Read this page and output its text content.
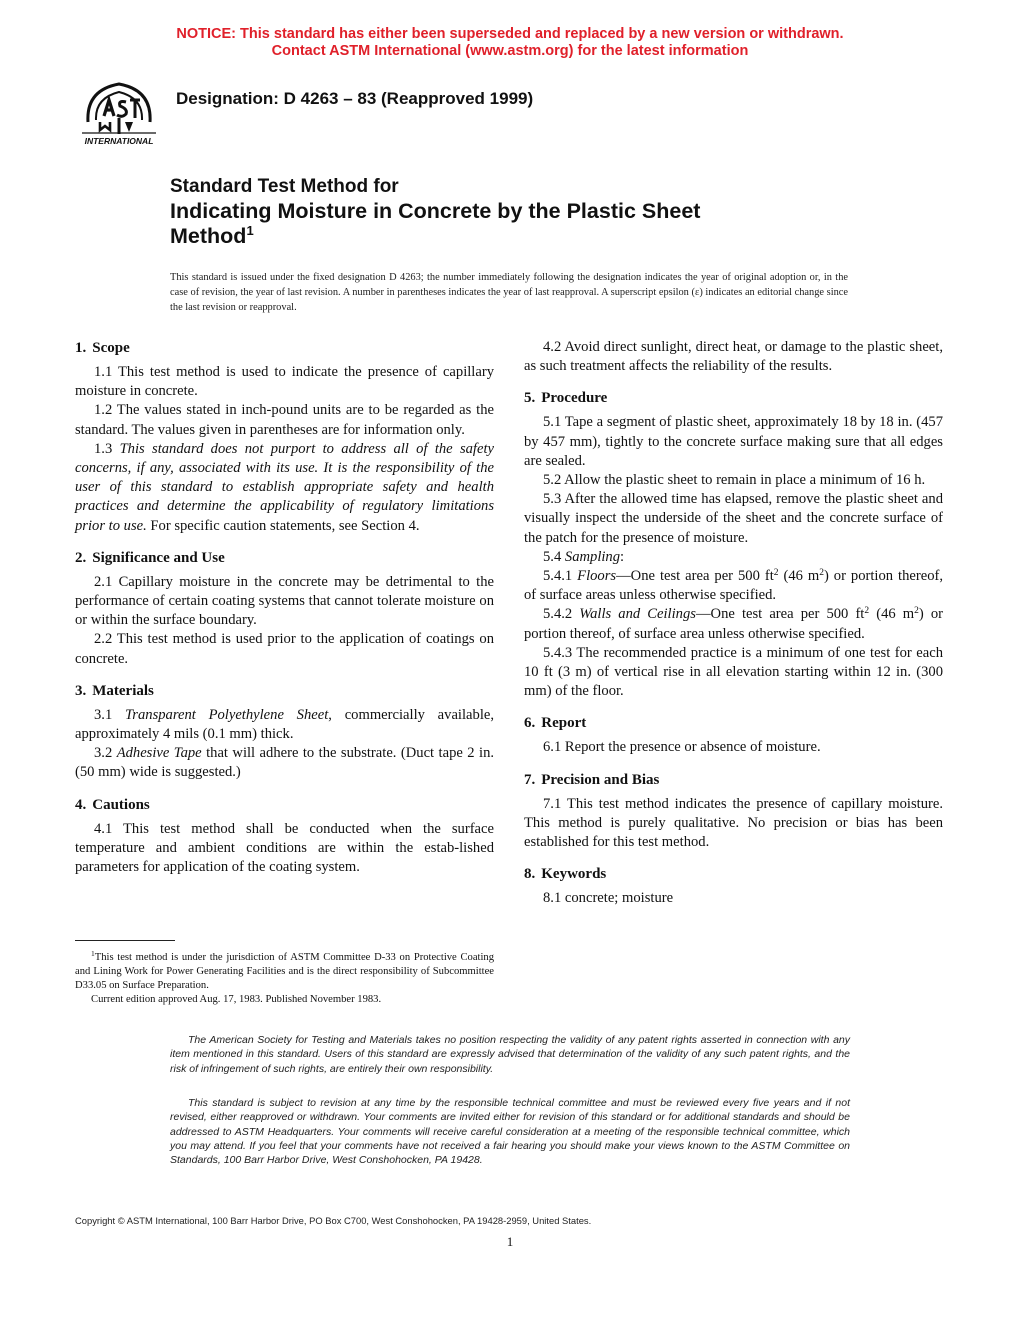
NOTICE: This standard has either been superseded and replaced by a new version or withdrawn.
Contact ASTM International (www.astm.org) for the latest information
INTERNATIONAL
Designation: D 4263 – 83 (Reapproved 1999)
Standard Test Method for
Indicating Moisture in Concrete by the Plastic Sheet
Method$^1$
This standard is issued under the fixed designation D 4263; the number immediately following the designation indicates the year of original adoption or, in the case of revision, the year of last revision. A number in parentheses indicates the year of last reapproval. A superscript epsilon (ε) indicates an editorial change since the last revision or reapproval.
1. Scope

1.1 This test method is used to indicate the presence of capillary moisture in concrete.

1.2 The values stated in inch-pound units are to be regarded as the standard. The values given in parentheses are for information only.

1.3 This standard does not purport to address all of the safety concerns, if any, associated with its use. It is the responsibility of the user of this standard to establish appropriate safety and health practices and determine the applicability of regulatory limitations prior to use. For specific caution statements, see Section 4.

2. Significance and Use

2.1 Capillary moisture in the concrete may be detrimental to the performance of certain coating systems that cannot tolerate moisture on or within the surface boundary.

2.2 This test method is used prior to the application of coatings on concrete.

3. Materials

3.1 Transparent Polyethylene Sheet, commercially available, approximately 4 mils (0.1 mm) thick.

3.2 Adhesive Tape that will adhere to the substrate. (Duct tape 2 in. (50 mm) wide is suggested.)

4. Cautions

4.1 This test method shall be conducted when the surface temperature and ambient conditions are within the estab-lished parameters for application of the coating system.

4.2 Avoid direct sunlight, direct heat, or damage to the plastic sheet, as such treatment affects the reliability of the results.

5. Procedure

5.1 Tape a segment of plastic sheet, approximately 18 by 18 in. (457 by 457 mm), tightly to the concrete surface making sure that all edges are sealed.

5.2 Allow the plastic sheet to remain in place a minimum of 16 h.

5.3 After the allowed time has elapsed, remove the plastic sheet and visually inspect the underside of the sheet and the concrete surface of the patch for the presence of moisture.

5.4 Sampling:

5.4.1 Floors—One test area per 500 $ft^2$ (46 $m^2$) or portion thereof, of surface areas unless otherwise specified.

5.4.2 Walls and Ceilings—One test area per 500 $ft^2$ (46 $m^2$) or portion thereof, of surface area unless otherwise specified.

5.4.3 The recommended practice is a minimum of one test for each 10 ft (3 m) of vertical rise in all elevation starting within 12 in. (300 mm) of the floor.

6. Report

6.1 Report the presence or absence of moisture.

7. Precision and Bias

7.1 This test method indicates the presence of capillary moisture. This method is purely qualitative. No precision or bias has been established for this test method.

8. Keywords

8.1 concrete; moisture

$^1$This test method is under the jurisdiction of ASTM Committee D-33 on Protective Coating and Lining Work for Power Generating Facilities and is the direct responsibility of Subcommittee D33.05 on Surface Preparation.

Current edition approved Aug. 17, 1983. Published November 1983.

The American Society for Testing and Materials takes no position respecting the validity of any patent rights asserted in connection with any item mentioned in this standard. Users of this standard are expressly advised that determination of the validity of any such patent rights, and the risk of infringement of such rights, are entirely their own responsibility.

This standard is subject to revision at any time by the responsible technical committee and must be reviewed every five years and if not revised, either reapproved or withdrawn. Your comments are invited either for revision of this standard or for additional standards and should be addressed to ASTM Headquarters. Your comments will receive careful consideration at a meeting of the responsible technical committee, which you may attend. If you feel that your comments have not received a fair hearing you should make your views known to the ASTM Committee on Standards, 100 Barr Harbor Drive, West Conshohocken, PA 19428.

Copyright © ASTM International, 100 Barr Harbor Drive, PO Box C700, West Conshohocken, PA 19428-2959, United States.
1
